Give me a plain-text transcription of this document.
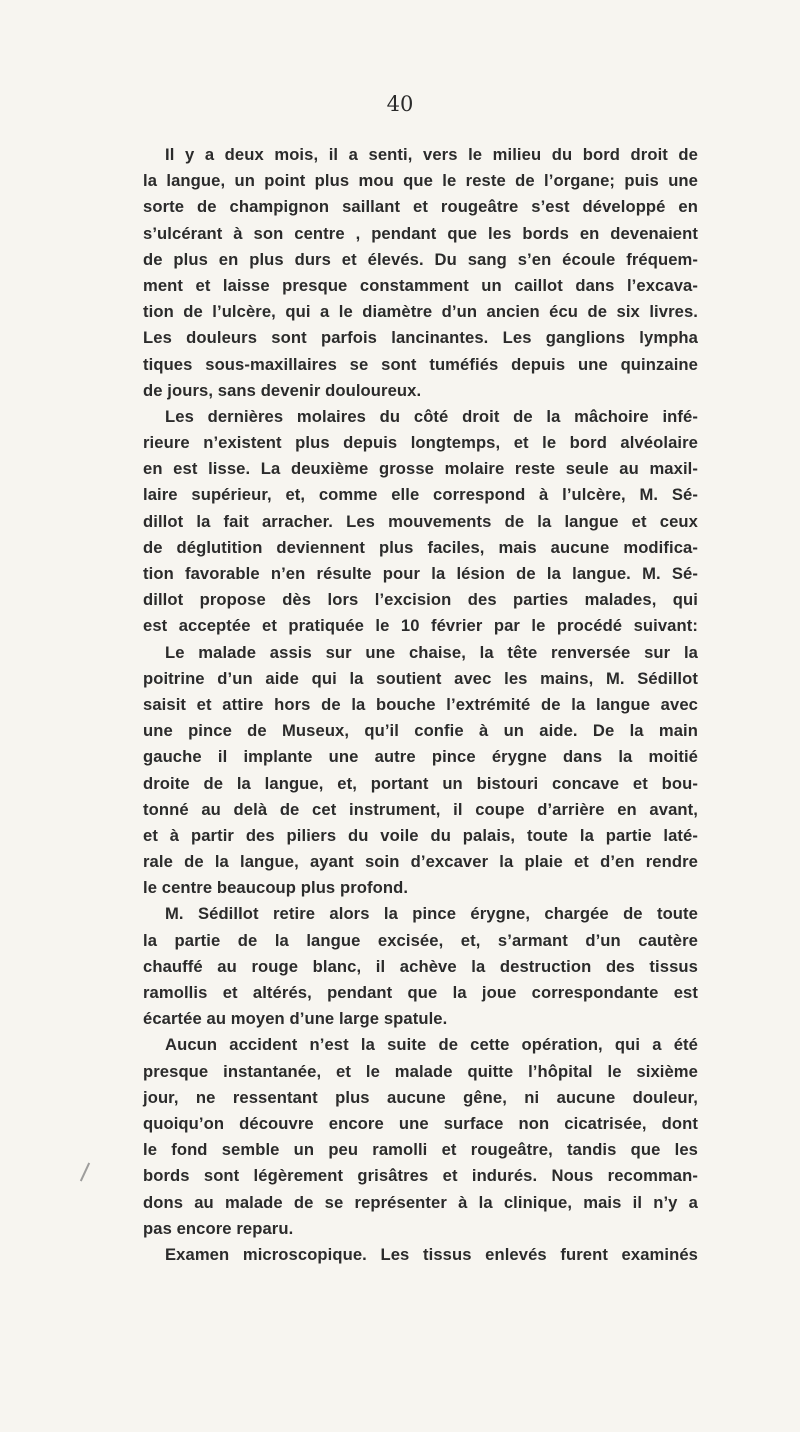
40
Il y a deux mois, il a senti, vers le milieu du bord droit de
la langue, un point plus mou que le reste de l’organe; puis une
sorte de champignon saillant et rougeâtre s’est développé en
s’ulcérant à son centre , pendant que les bords en devenaient
de plus en plus durs et élevés. Du sang s’en écoule fréquem-
ment et laisse presque constamment un caillot dans l’excava-
tion de l’ulcère, qui a le diamètre d’un ancien écu de six livres.
Les douleurs sont parfois lancinantes. Les ganglions lympha
tiques sous-maxillaires se sont tuméfiés depuis une quinzaine
de jours, sans devenir douloureux.
Les dernières molaires du côté droit de la mâchoire infé-
rieure n’existent plus depuis longtemps, et le bord alvéolaire
en est lisse. La deuxième grosse molaire reste seule au maxil-
laire supérieur, et, comme elle correspond à l’ulcère, M. Sé-
dillot la fait arracher. Les mouvements de la langue et ceux
de déglutition deviennent plus faciles, mais aucune modifica-
tion favorable n’en résulte pour la lésion de la langue. M. Sé-
dillot propose dès lors l’excision des parties malades, qui
est acceptée et pratiquée le 10 février par le procédé suivant:
Le malade assis sur une chaise, la tête renversée sur la
poitrine d’un aide qui la soutient avec les mains, M. Sédillot
saisit et attire hors de la bouche l’extrémité de la langue avec
une pince de Museux, qu’il confie à un aide. De la main
gauche il implante une autre pince érygne dans la moitié
droite de la langue, et, portant un bistouri concave et bou-
tonné au delà de cet instrument, il coupe d’arrière en avant,
et à partir des piliers du voile du palais, toute la partie laté-
rale de la langue, ayant soin d’excaver la plaie et d’en rendre
le centre beaucoup plus profond.
M. Sédillot retire alors la pince érygne, chargée de toute
la partie de la langue excisée, et, s’armant d’un cautère
chauffé au rouge blanc, il achève la destruction des tissus
ramollis et altérés, pendant que la joue correspondante est
écartée au moyen d’une large spatule.
Aucun accident n’est la suite de cette opération, qui a été
presque instantanée, et le malade quitte l’hôpital le sixième
jour, ne ressentant plus aucune gêne, ni aucune douleur,
quoiqu’on découvre encore une surface non cicatrisée, dont
le fond semble un peu ramolli et rougeâtre, tandis que les
bords sont légèrement grisâtres et indurés. Nous recomman-
dons au malade de se représenter à la clinique, mais il n’y a
pas encore reparu.
Examen microscopique. Les tissus enlevés furent examinés
